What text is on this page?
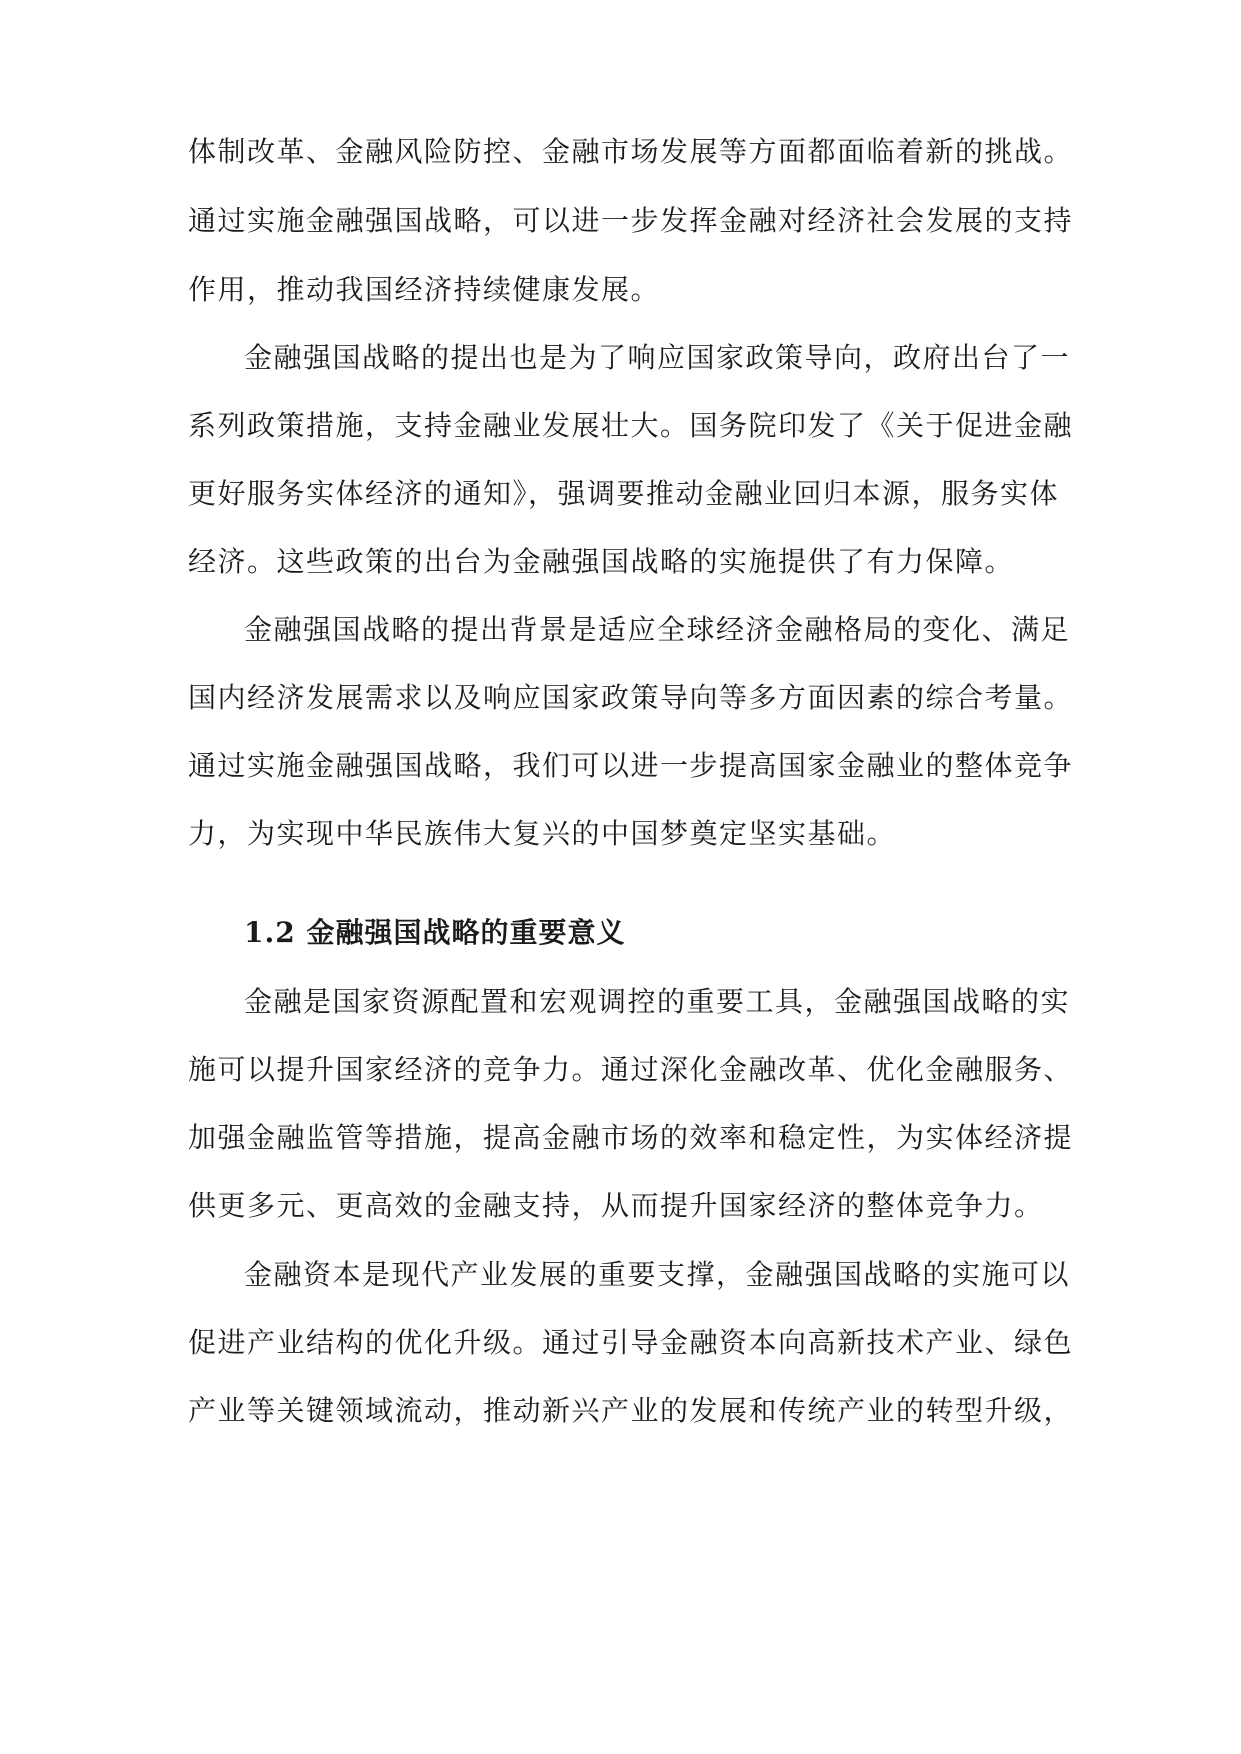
体制改革、金融风险防控、金融市场发展等方面都面临着新的挑战。
通过实施金融强国战略，可以进一步发挥金融对经济社会发展的支持
作用，推动我国经济持续健康发展。
金融强国战略的提出也是为了响应国家政策导向，政府出台了一
系列政策措施，支持金融业发展壮大。国务院印发了《关于促进金融
更好服务实体经济的通知》，强调要推动金融业回归本源，服务实体
经济。这些政策的出台为金融强国战略的实施提供了有力保障。
金融强国战略的提出背景是适应全球经济金融格局的变化、满足
国内经济发展需求以及响应国家政策导向等多方面因素的综合考量。
通过实施金融强国战略，我们可以进一步提高国家金融业的整体竞争
力，为实现中华民族伟大复兴的中国梦奠定坚实基础。
1.2 金融强国战略的重要意义
金融是国家资源配置和宏观调控的重要工具，金融强国战略的实
施可以提升国家经济的竞争力。通过深化金融改革、优化金融服务、
加强金融监管等措施，提高金融市场的效率和稳定性，为实体经济提
供更多元、更高效的金融支持，从而提升国家经济的整体竞争力。
金融资本是现代产业发展的重要支撑，金融强国战略的实施可以
促进产业结构的优化升级。通过引导金融资本向高新技术产业、绿色
产业等关键领域流动，推动新兴产业的发展和传统产业的转型升级，
